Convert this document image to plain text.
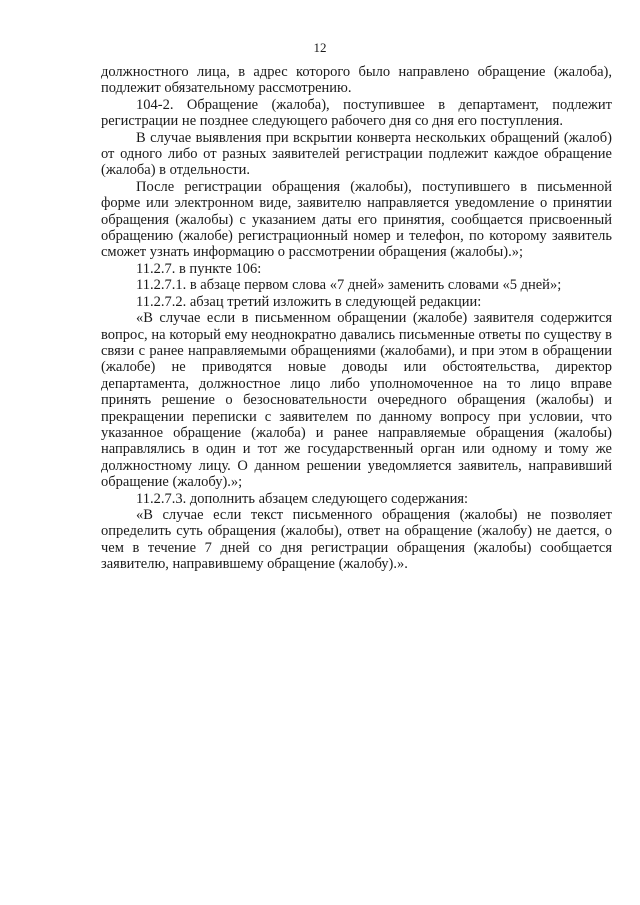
12

должностного лица, в адрес которого было направлено обращение (жалоба), подлежит обязательному рассмотрению.

104-2. Обращение (жалоба), поступившее в департамент, подлежит регистрации не позднее следующего рабочего дня со дня его поступления.

В случае выявления при вскрытии конверта нескольких обращений (жалоб) от одного либо от разных заявителей регистрации подлежит каждое обращение (жалоба) в отдельности.

После регистрации обращения (жалобы), поступившего в письменной форме или электронном виде, заявителю направляется уведомление о принятии обращения (жалобы) с указанием даты его принятия, сообщается присвоенный обращению (жалобе) регистрационный номер и телефон, по которому заявитель сможет узнать информацию о рассмотрении обращения (жалобы).»;

11.2.7. в пункте 106:

11.2.7.1. в абзаце первом слова «7 дней» заменить словами «5 дней»;

11.2.7.2. абзац третий изложить в следующей редакции:

«В случае если в письменном обращении (жалобе) заявителя содержится вопрос, на который ему неоднократно давались письменные ответы по существу в связи с ранее направляемыми обращениями (жалобами), и при этом в обращении (жалобе) не приводятся новые доводы или обстоятельства, директор департамента, должностное лицо либо уполномоченное на то лицо вправе принять решение о безосновательности очередного обращения (жалобы) и прекращении переписки с заявителем по данному вопросу при условии, что указанное обращение (жалоба) и ранее направляемые обращения (жалобы) направлялись в один и тот же государственный орган или одному и тому же должностному лицу. О данном решении уведомляется заявитель, направивший обращение (жалобу).»;

11.2.7.3. дополнить абзацем следующего содержания:

«В случае если текст письменного обращения (жалобы) не позволяет определить суть обращения (жалобы), ответ на обращение (жалобу) не дается, о чем в течение 7 дней со дня регистрации обращения (жалобы) сообщается заявителю, направившему обращение (жалобу).».
